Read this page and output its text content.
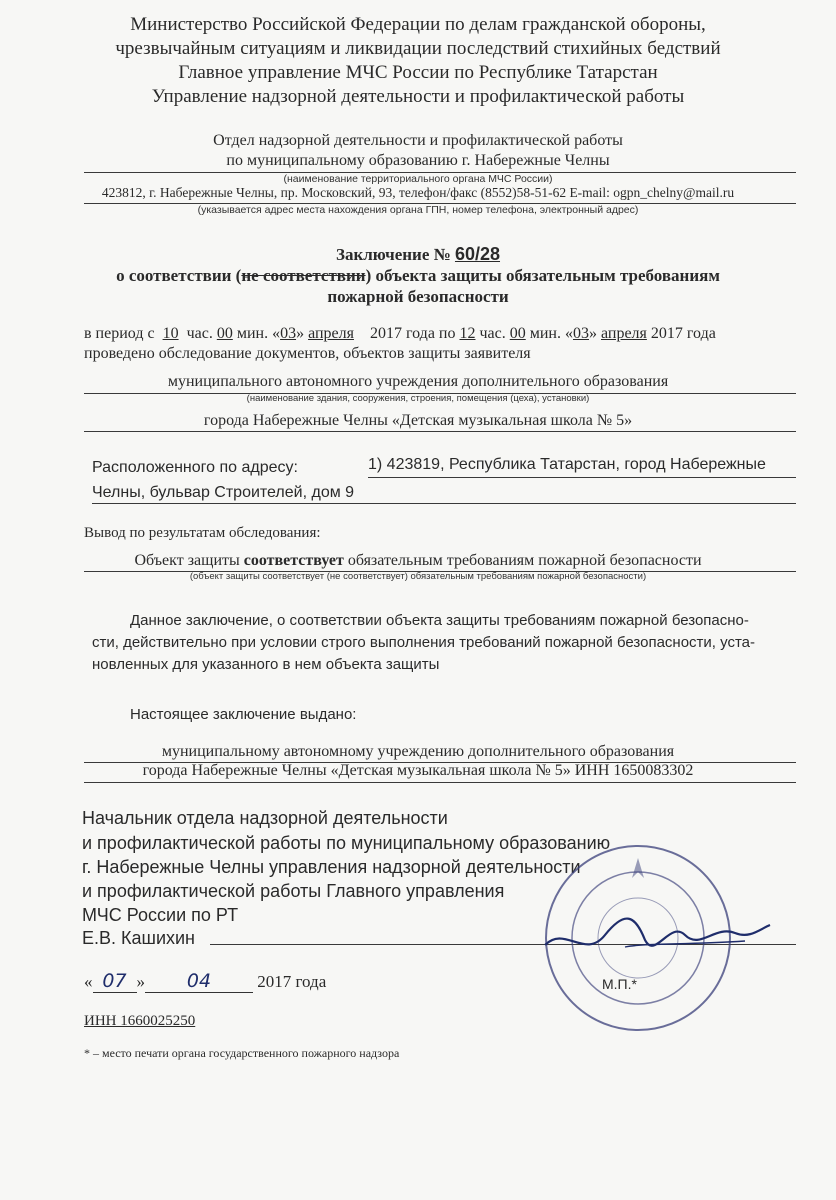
Министерство Российской Федерации по делам гражданской обороны,
чрезвычайным ситуациям и ликвидации последствий стихийных бедствий
Главное управление МЧС России по Республике Татарстан
Управление надзорной деятельности и профилактической работы
Отдел надзорной деятельности и профилактической работы
по муниципальному образованию г. Набережные Челны
(наименование территориального органа МЧС России)
423812, г. Набережные Челны, пр. Московский, 93, телефон/факс (8552)58-51-62 E-mail: ogpn_chelny@mail.ru
(указывается адрес места нахождения органа ГПН, номер телефона, электронный адрес)
Заключение № 60/28
о соответствии (не соответствии) объекта защиты обязательным требованиям
пожарной безопасности
в период с 10 час. 00 мин. «03» апреля 2017 года по 12 час. 00 мин. «03» апреля 2017 года
проведено обследование документов, объектов защиты заявителя
муниципального автономного учреждения дополнительного образования
(наименование здания, сооружения, строения, помещения (цеха), установки)
города Набережные Челны «Детская музыкальная школа № 5»
Расположенного по адресу:	1) 423819, Республика Татарстан, город Набережные
Челны, бульвар Строителей, дом 9
Вывод по результатам обследования:
Объект защиты соответствует обязательным требованиям пожарной безопасности
(объект защиты соответствует (не соответствует) обязательным требованиям пожарной безопасности)
Данное заключение, о соответствии объекта защиты требованиям пожарной безопасно-
сти, действительно при условии строго выполнения требований пожарной безопасности, уста-
новленных для указанного в нем объекта защиты
Настоящее заключение выдано:
муниципальному автономному учреждению дополнительного образования
города Набережные Челны «Детская музыкальная школа № 5» ИНН 1650083302
Начальник отдела надзорной деятельности
и профилактической работы по муниципальному образованию
г. Набережные Челны управления надзорной деятельности
и профилактической работы Главного управления
МЧС России по РТ
Е.В. Кашихин
« 07 » 04	2017 года
ИНН 1660025250
* – место печати органа государственного пожарного надзора
М.П.*
